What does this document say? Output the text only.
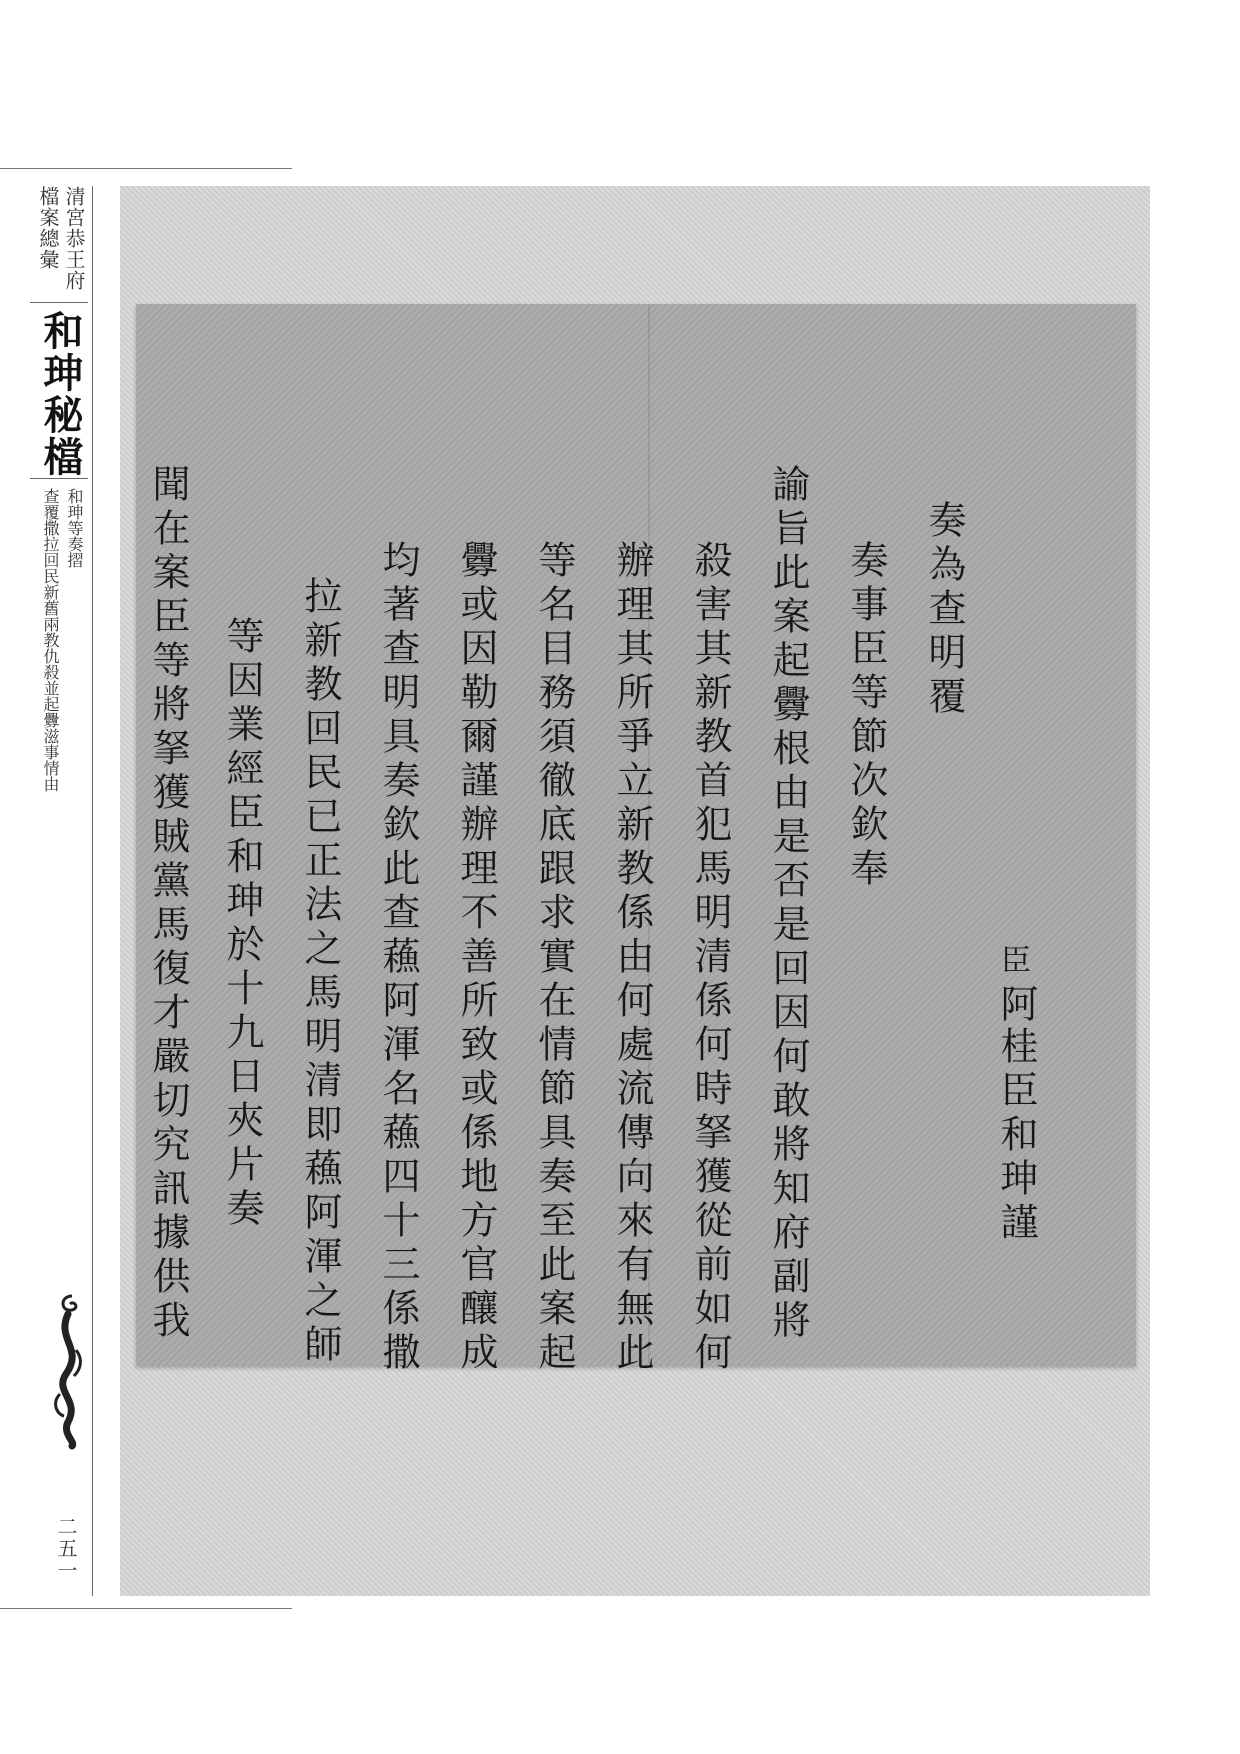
清宮恭王府
檔案總彙
和珅秘檔
和珅等奏摺
查覆撒拉回民新舊兩教仇殺並起釁滋事情由
二五一
臣
阿
桂臣和珅謹
奏為查明覆
奏事臣等節次欽奉
諭旨此案起釁根由是否是回因何敢將知府副將
殺害其新教首犯馬明清係何時拏獲從前如何
辦理其所爭立新教係由何處流傳向來有無此
等名目務須徹底跟求實在情節具奏至此案起
釁或因勒爾謹辦理不善所致或係地方官釀成
均著查明具奏欽此查蘓阿渾名蘓四十三係撒
拉新教回民已正法之馬明清即蘓阿渾之師
等因業經臣和珅於十九日夾片奏
聞在案臣等將拏獲賊黨馬復才嚴切究訊據供我
